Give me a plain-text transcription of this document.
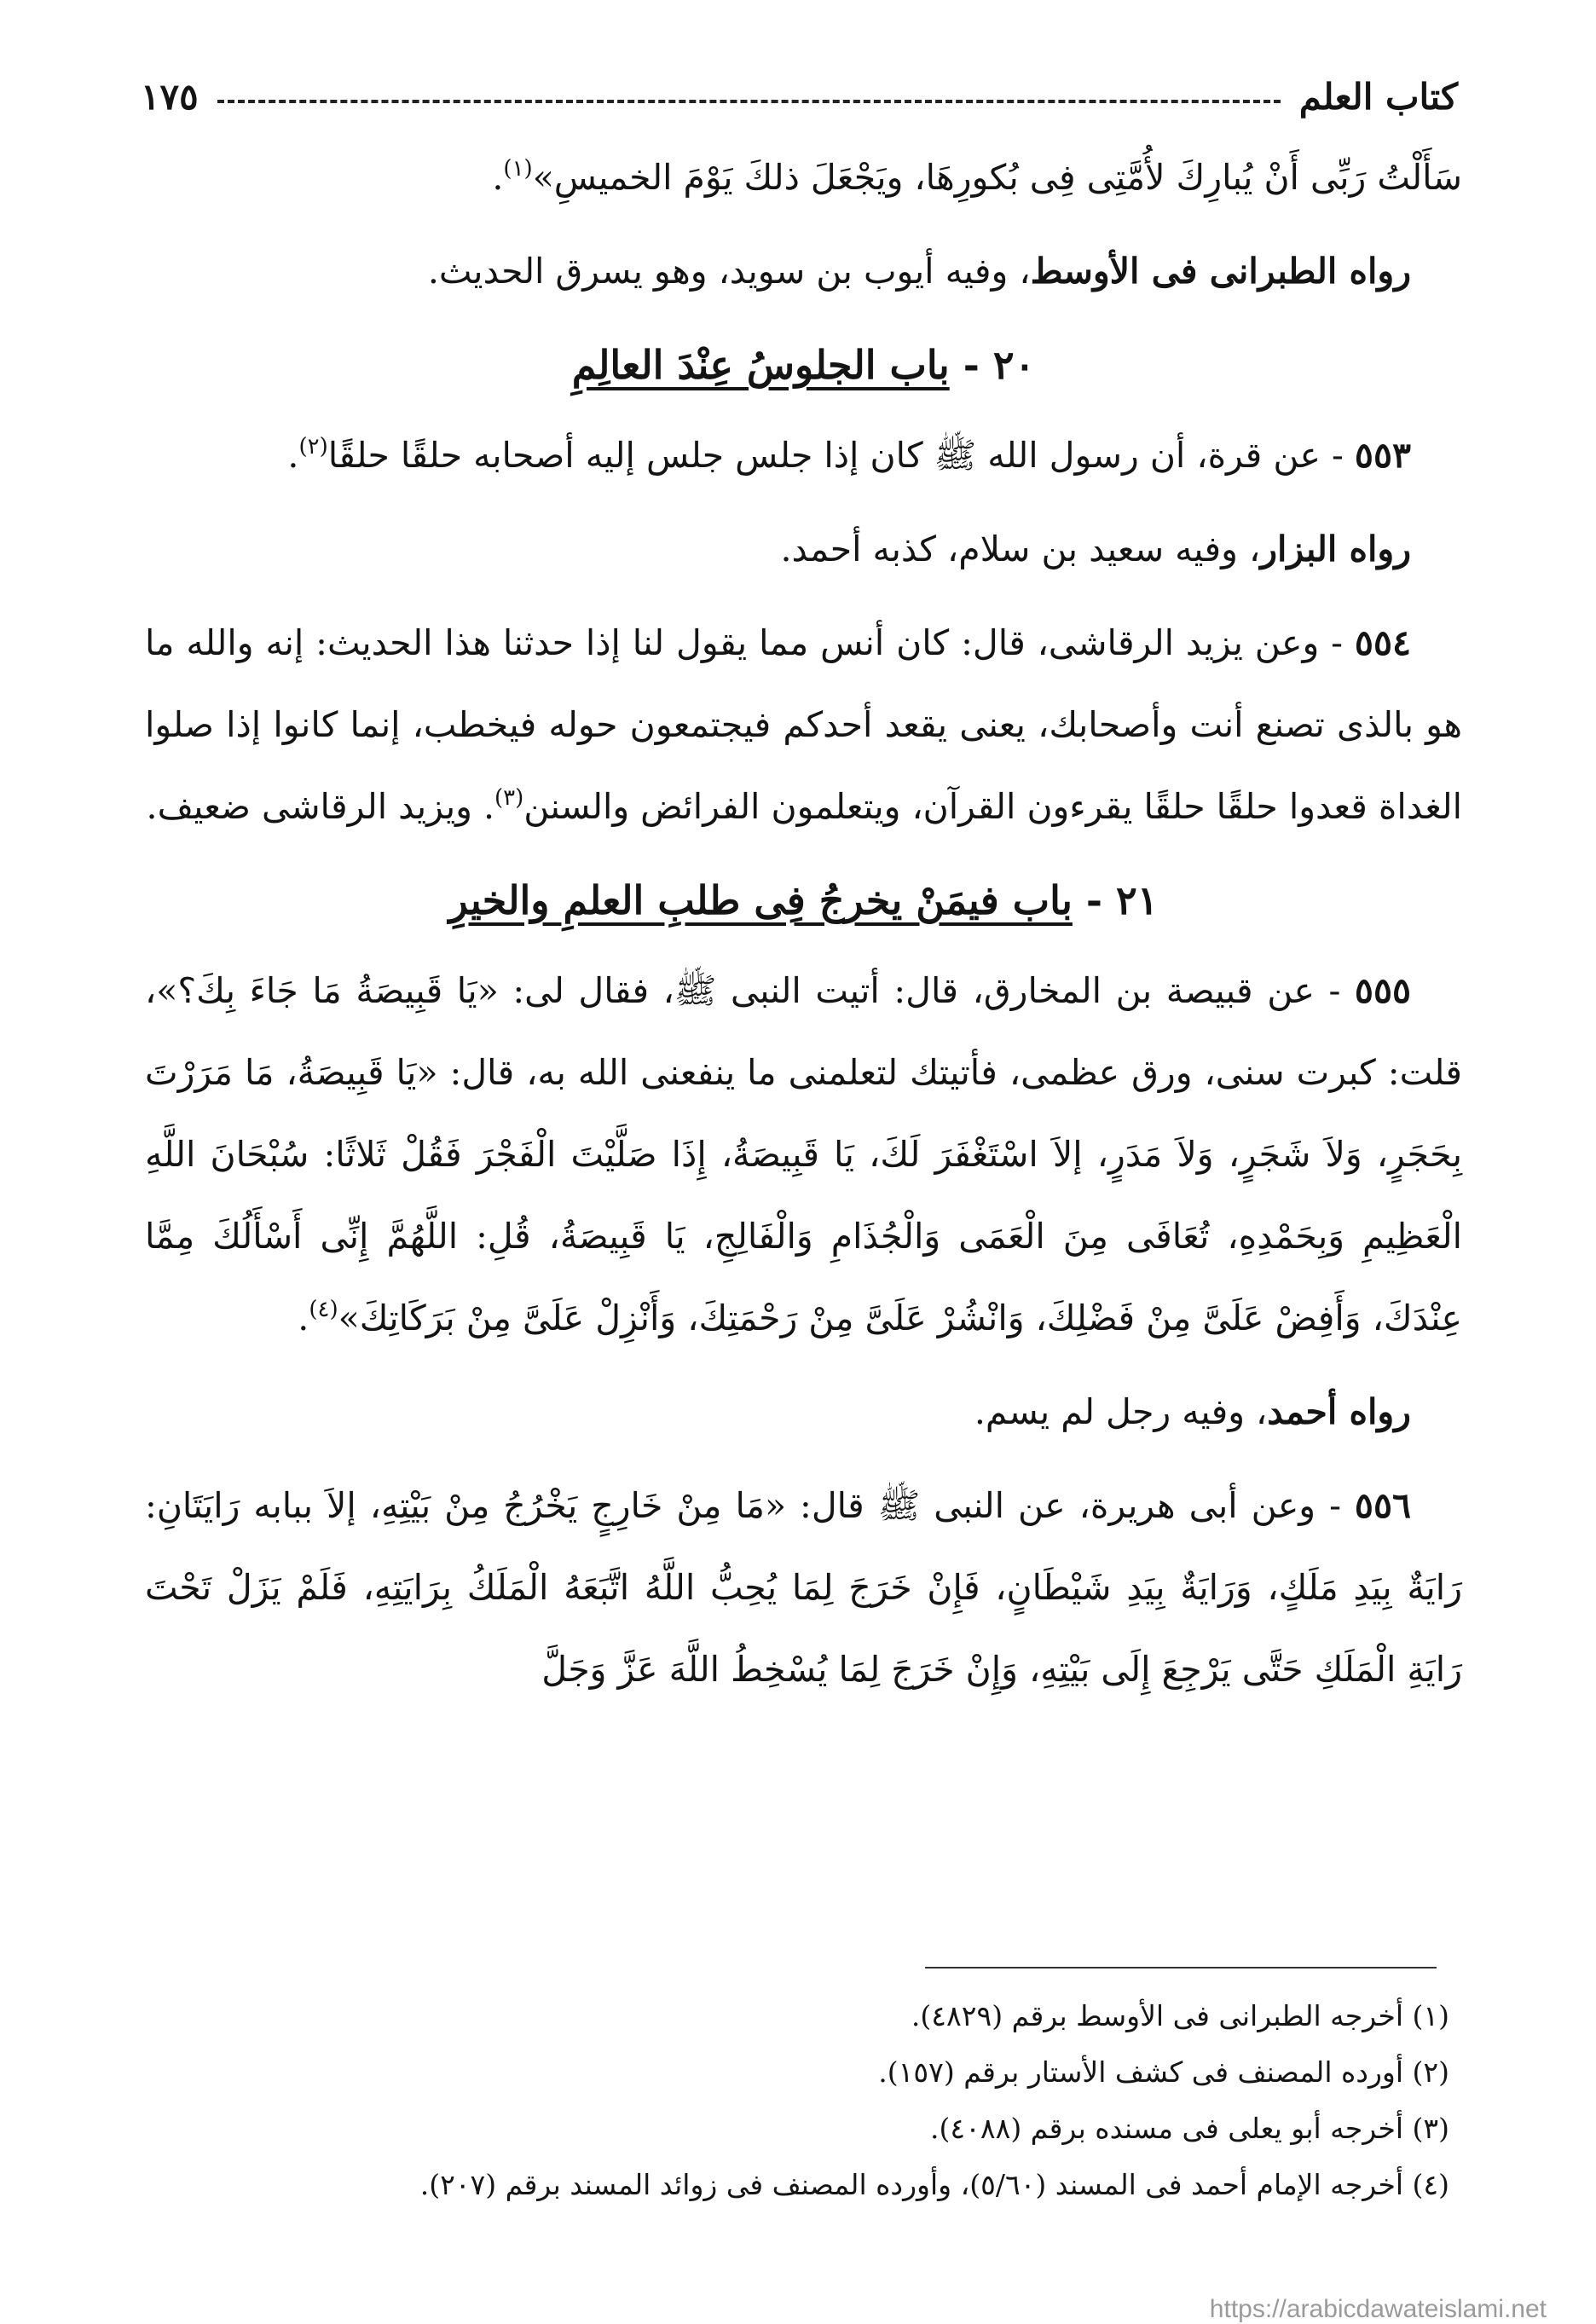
١٧٥	كتاب العلم

سَأَلْتُ رَبِّى أَنْ يُبارِكَ لأُمَّتِى فِى بُكورِهَا، ويَجْعَلَ ذلكَ يَوْمَ الخميسِ»$^{(١)}$.

رواه الطبرانى فى الأوسط، وفيه أيوب بن سويد، وهو يسرق الحديث.

٢٠ - باب الجلوسُ عِنْدَ العالِمِ

٥٥٣ - عن قرة، أن رسول الله ﷺ كان إذا جلس جلس إليه أصحابه حلقًا حلقًا$^{(٢)}$.

رواه البزار، وفيه سعيد بن سلام، كذبه أحمد.

٥٥٤ - وعن يزيد الرقاشى، قال: كان أنس مما يقول لنا إذا حدثنا هذا الحديث: إنه والله ما هو بالذى تصنع أنت وأصحابك، يعنى يقعد أحدكم فيجتمعون حوله فيخطب، إنما كانوا إذا صلوا الغداة قعدوا حلقًا حلقًا يقرءون القرآن، ويتعلمون الفرائض والسنن$^{(٣)}$. ويزيد الرقاشى ضعيف.

٢١ - باب فيمَنْ يخرجُ فِى طلبِ العلمِ والخيرِ

٥٥٥ - عن قبيصة بن المخارق، قال: أتيت النبى ﷺ، فقال لى: «يَا قَبِيصَةُ مَا جَاءَ بِكَ؟»، قلت: كبرت سنى، ورق عظمى، فأتيتك لتعلمنى ما ينفعنى الله به، قال: «يَا قَبِيصَةُ، مَا مَرَرْتَ بِحَجَرٍ، وَلاَ شَجَرٍ، وَلاَ مَدَرٍ، إلاَ اسْتَغْفَرَ لَكَ، يَا قَبِيصَةُ، إِذَا صَلَّيْتَ الْفَجْرَ فَقُلْ ثَلاثًا: سُبْحَانَ اللَّهِ الْعَظِيمِ وَبِحَمْدِهِ، تُعَافَى مِنَ الْعَمَى وَالْجُذَامِ وَالْفَالِجِ، يَا قَبِيصَةُ، قُلِ: اللَّهُمَّ إِنِّى أَسْأَلُكَ مِمَّا عِنْدَكَ، وَأَفِضْ عَلَىَّ مِنْ فَضْلِكَ، وَانْشُرْ عَلَىَّ مِنْ رَحْمَتِكَ، وَأَنْزِلْ عَلَىَّ مِنْ بَرَكَاتِكَ»$^{(٤)}$.

رواه أحمد، وفيه رجل لم يسم.

٥٥٦ - وعن أبى هريرة، عن النبى ﷺ قال: «مَا مِنْ خَارِجٍ يَخْرُجُ مِنْ بَيْتِهِ، إلاَ ببابه رَايَتَانِ: رَايَةٌ بِيَدِ مَلَكٍ، وَرَايَةٌ بِيَدِ شَيْطَانٍ، فَإِنْ خَرَجَ لِمَا يُحِبُّ اللَّهُ اتَّبَعَهُ الْمَلَكُ بِرَايَتِهِ، فَلَمْ يَزَلْ تَحْتَ رَايَةِ الْمَلَكِ حَتَّى يَرْجِعَ إِلَى بَيْتِهِ، وَإِنْ خَرَجَ لِمَا يُسْخِطُ اللَّهَ عَزَّ وَجَلَّ

(١) أخرجه الطبرانى فى الأوسط برقم (٤٨٢٩).
(٢) أورده المصنف فى كشف الأستار برقم (١٥٧).
(٣) أخرجه أبو يعلى فى مسنده برقم (٤٠٨٨).
(٤) أخرجه الإمام أحمد فى المسند (٥/٦٠)، وأورده المصنف فى زوائد المسند برقم (٢٠٧).
https://arabicdawateislami.net
